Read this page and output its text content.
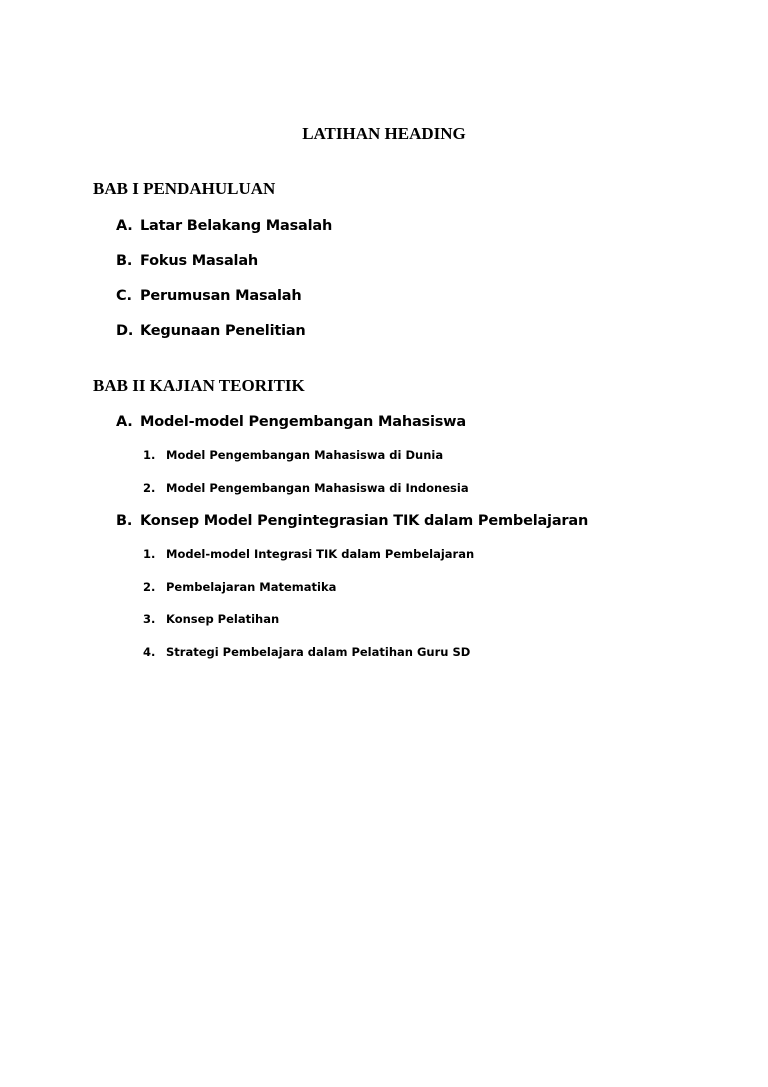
LATIHAN HEADING
BAB I PENDAHULUAN
A. Latar Belakang Masalah
B. Fokus Masalah
C. Perumusan Masalah
D. Kegunaan Penelitian
BAB II KAJIAN TEORITIK
A. Model-model Pengembangan Mahasiswa
1. Model Pengembangan Mahasiswa di Dunia
2. Model Pengembangan Mahasiswa di Indonesia
B. Konsep Model Pengintegrasian TIK dalam Pembelajaran
1. Model-model Integrasi TIK dalam Pembelajaran
2. Pembelajaran Matematika
3. Konsep Pelatihan
4. Strategi Pembelajara dalam Pelatihan Guru SD
